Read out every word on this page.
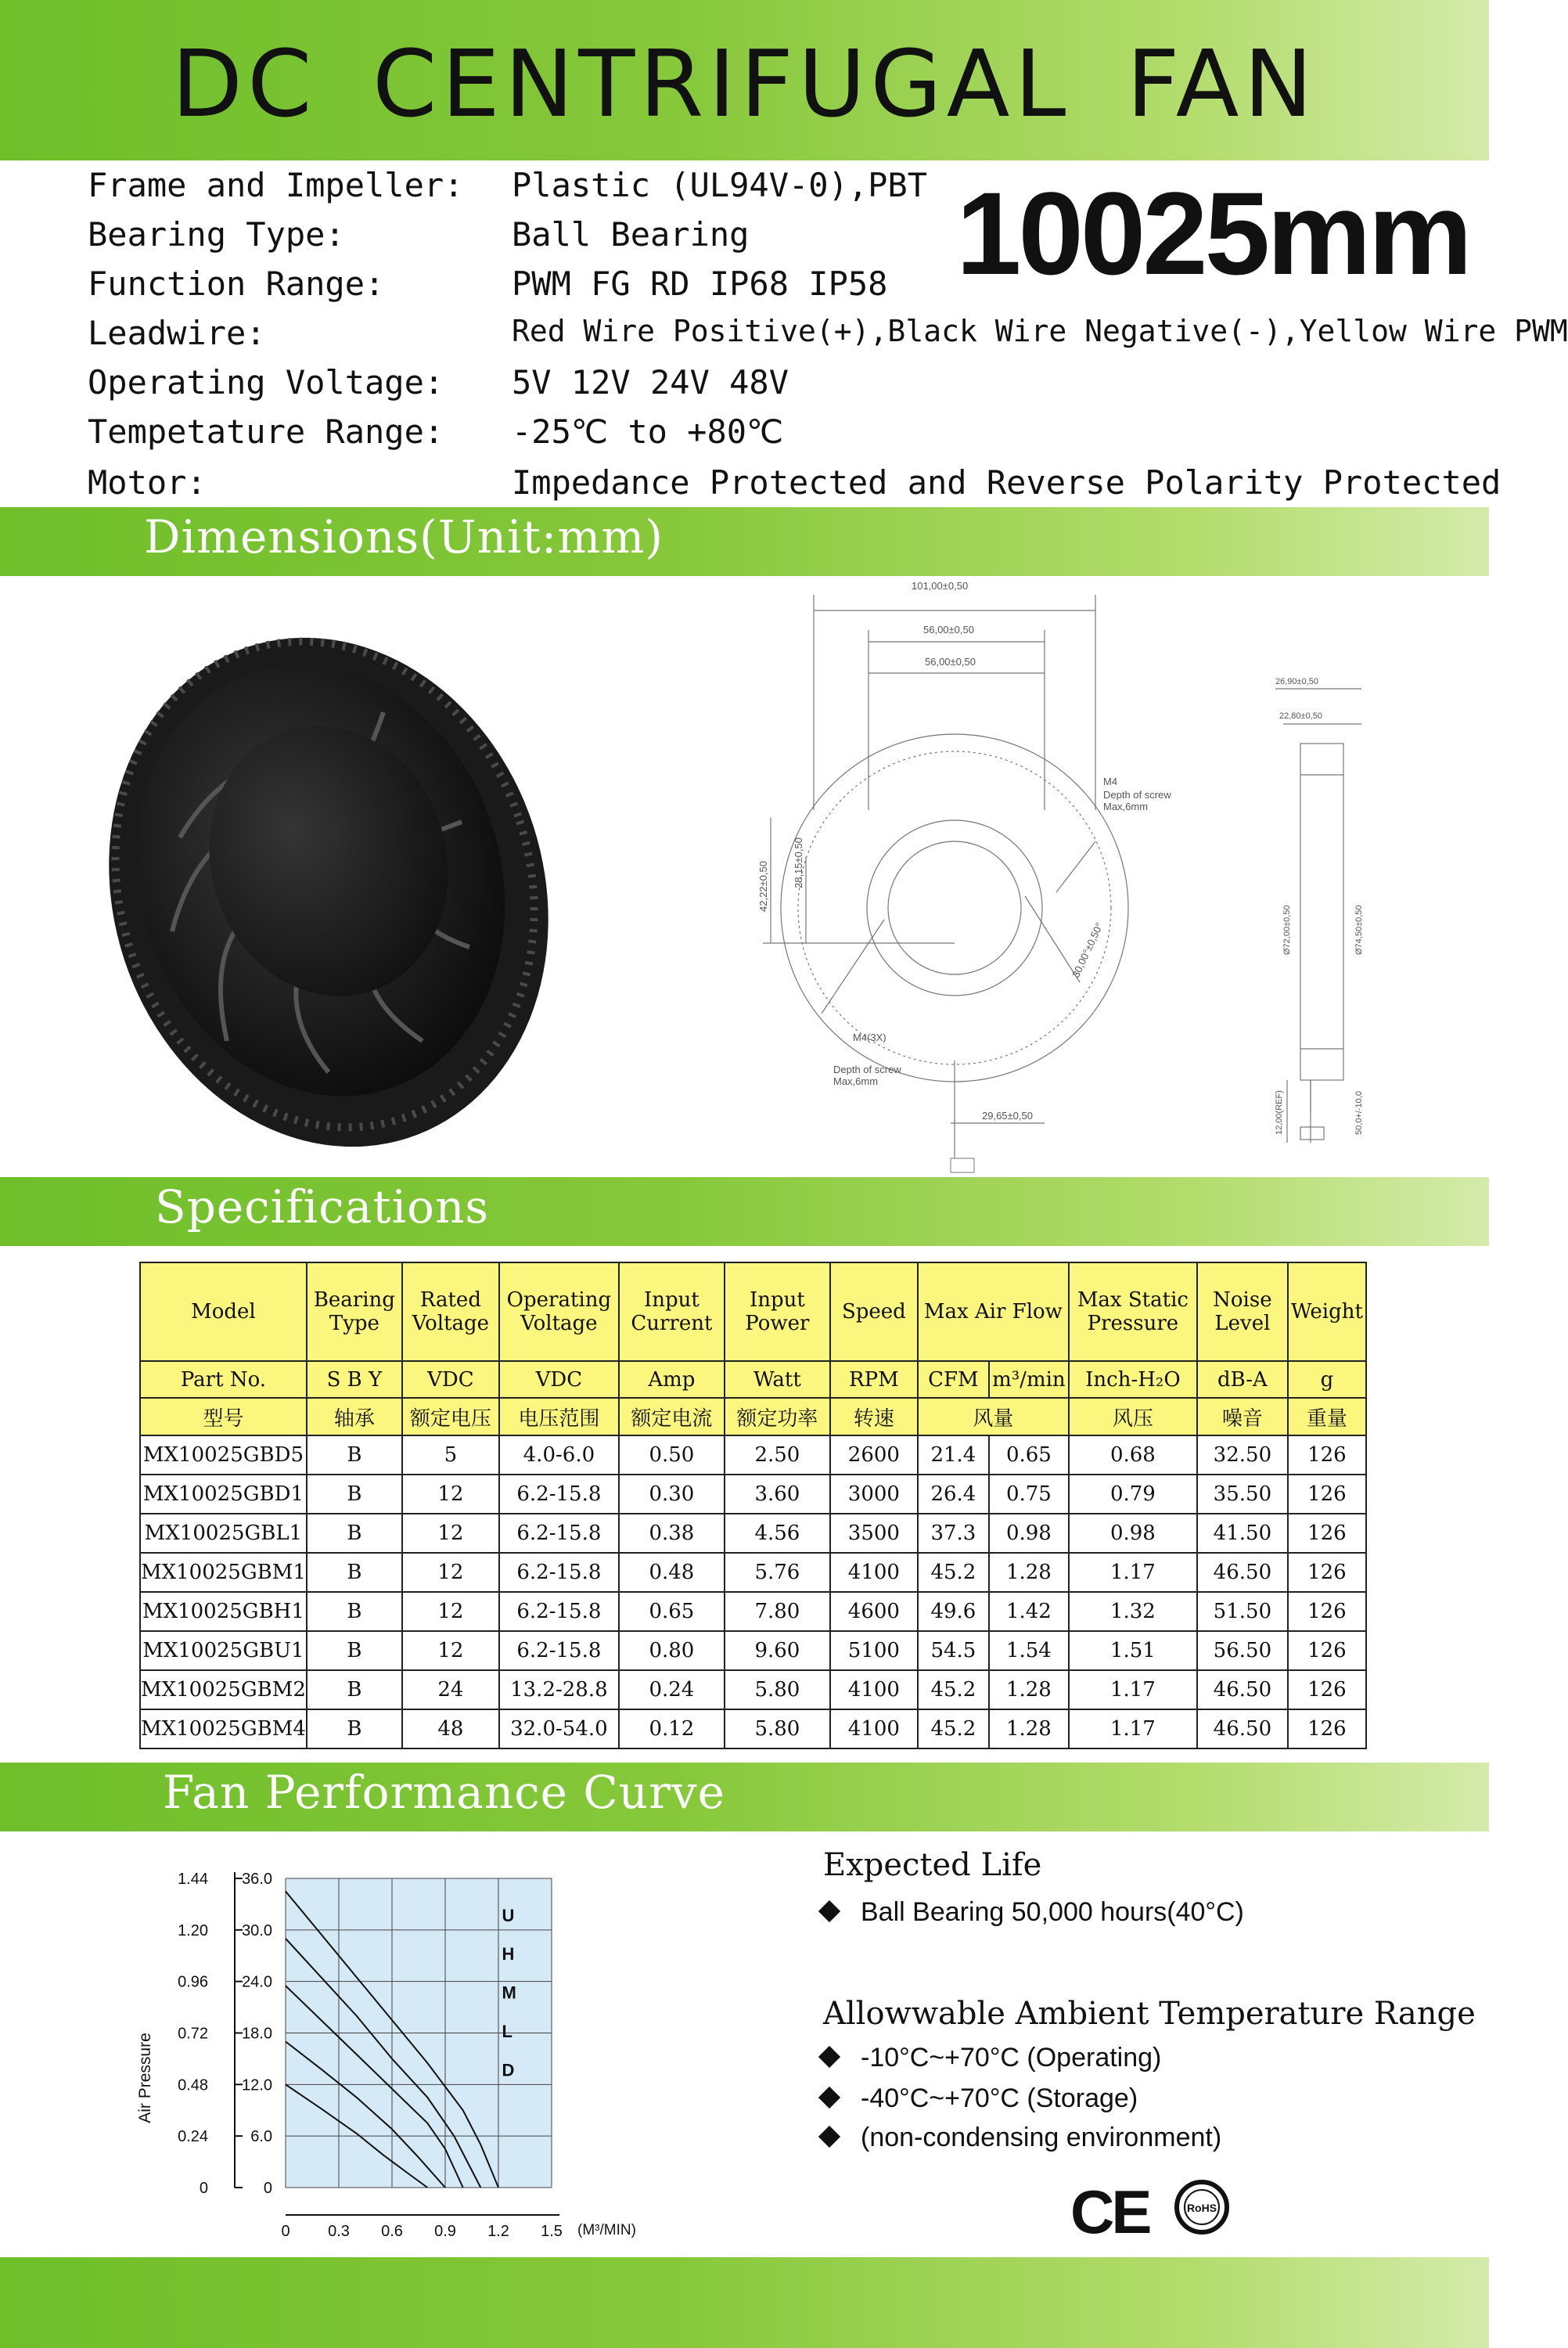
DC CENTRIFUGAL FAN
Frame and Impeller: Plastic (UL94V-0),PBT
Bearing Type:	Ball Bearing
Function Range:	PWM FG RD IP68 IP58
Leadwire:	Red Wire Positive(+),Black Wire Negative(-),Yellow Wire PWM
Operating Voltage: 5V 12V 24V 48V
Tempetature Range: -25℃ to +80℃
Motor:	Impedance Protected and Reverse Polarity Protected
10025mm
Dimensions(Unit:mm)
101,00±0,50
56,00±0,50
56,00±0,50
42,22±0,50 28,15±0,50
M4
Depth of screw
Max,6mm
M4(3X)
Depth of screw
Max,6mm
30,00°±0,50°
29,65±0,50
26,90±0,50
22,80±0,50
Ø72,00±0,50	Ø74,50±0,50
12,00(REF)	50,0+/-10,0
Specifications
Model	Bearing Type	Rated Voltage	Operating Voltage	Input Current	Input Power	Speed	Max Air Flow		Max Static Pressure	Noise Level	Weight
Part No.	S B Y	VDC	VDC	Amp	Watt	RPM	CFM	m³/min	Inch-H₂O	dB-A	g
型号	轴承	额定电压	电压范围	额定电流	额定功率	转速	风量		风压	噪音	重量
MX10025GBD5	B	5	4.0-6.0	0.50	2.50	2600	21.4	0.65	0.68	32.50	126
MX10025GBD1	B	12	6.2-15.8	0.30	3.60	3000	26.4	0.75	0.79	35.50	126
MX10025GBL1	B	12	6.2-15.8	0.38	4.56	3500	37.3	0.98	0.98	41.50	126
MX10025GBM1	B	12	6.2-15.8	0.48	5.76	4100	45.2	1.28	1.17	46.50	126
MX10025GBH1	B	12	6.2-15.8	0.65	7.80	4600	49.6	1.42	1.32	51.50	126
MX10025GBU1	B	12	6.2-15.8	0.80	9.60	5100	54.5	1.54	1.51	56.50	126
MX10025GBM2	B	24	13.2-28.8	0.24	5.80	4100	45.2	1.28	1.17	46.50	126
MX10025GBM4	B	48	32.0-54.0	0.12	5.80	4100	45.2	1.28	1.17	46.50	126
Fan Performance Curve
0
6.0
12.0
18.0
24.0
30.0
36.0
0
0.24
0.48
0.72
0.96
1.20
1.44
0 0.3 0.6 0.9 1.2 1.5 (M³/MIN)
Air Pressure
U
H
M
L
D
Expected Life
Ball Bearing 50,000 hours(40°C)
Allowwable Ambient Temperature Range
-10°C~+70°C (Operating)
-40°C~+70°C (Storage)
(non-condensing environment)
CE	RoHS
